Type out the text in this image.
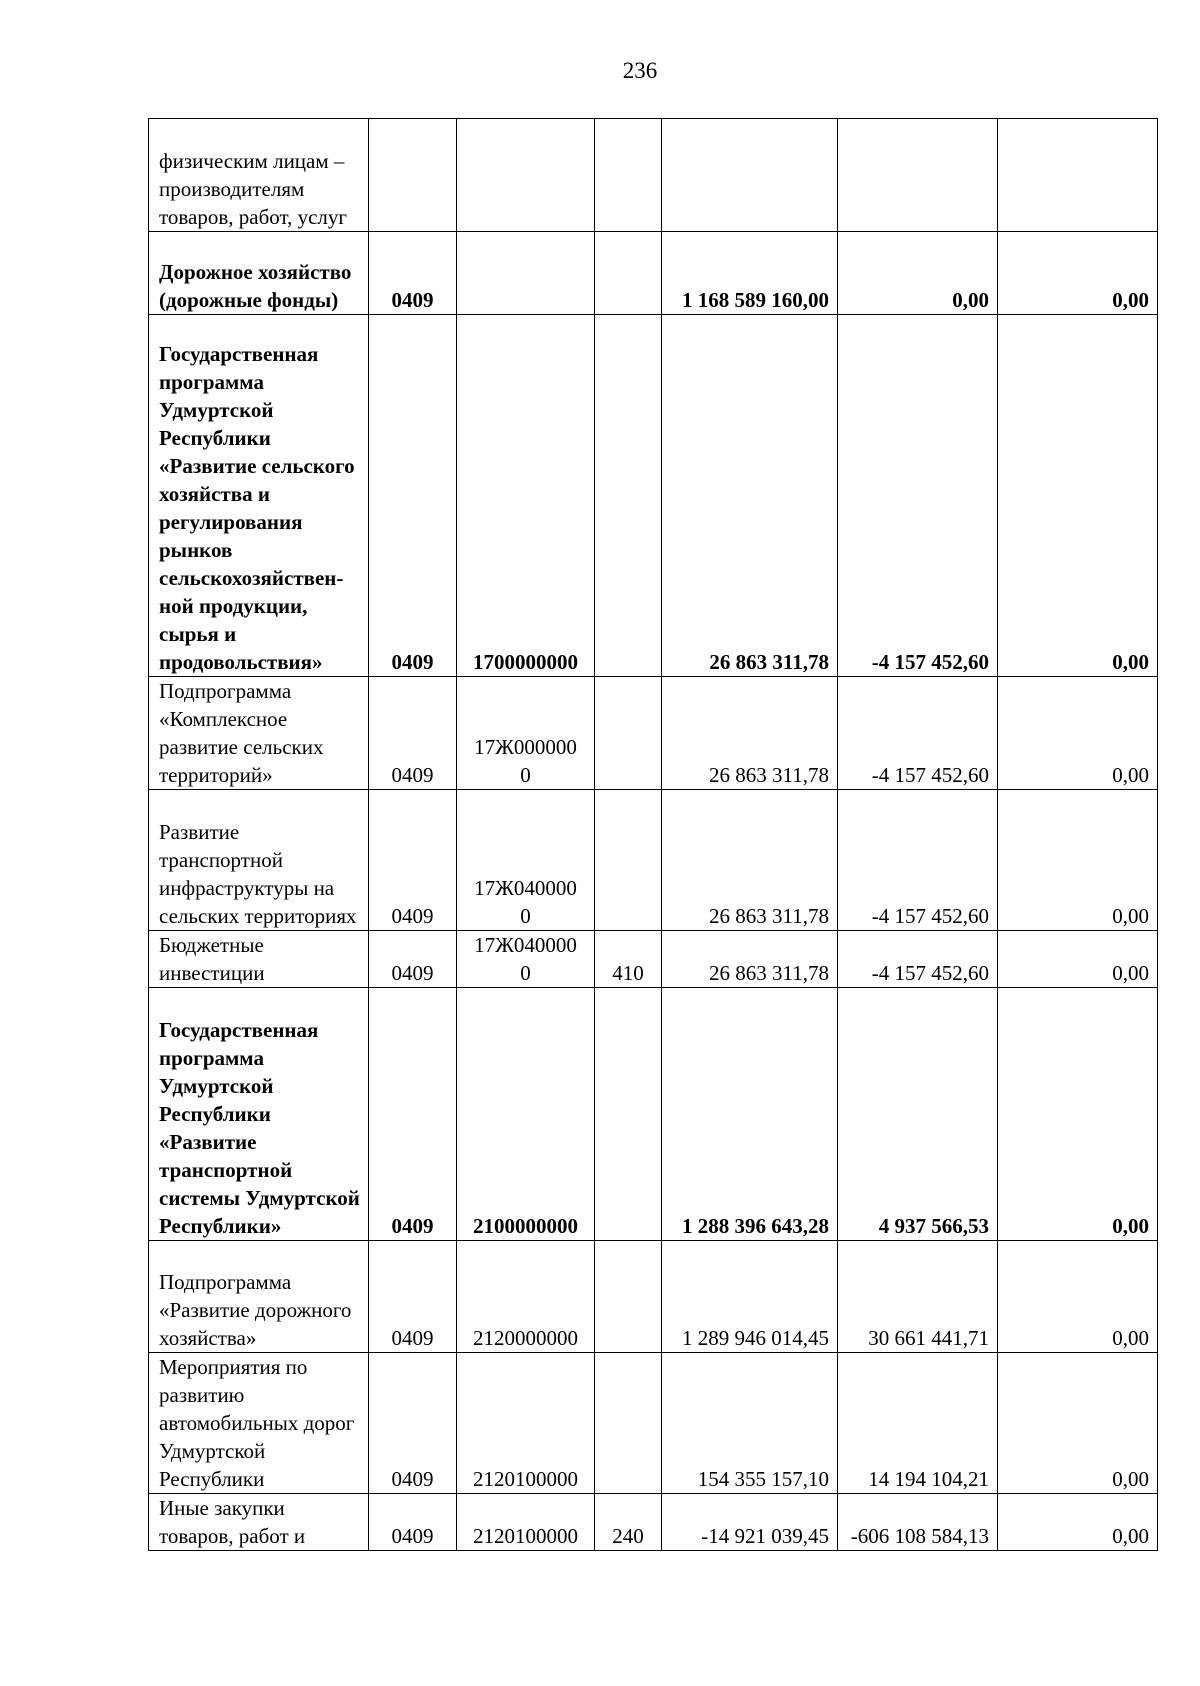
236
физическим лицам – производителям товаров, работ, услуг						
Дорожное хозяйство (дорожные фонды)	0409			1 168 589 160,00	0,00	0,00
Государственная программа Удмуртской Республики «Развитие сельского хозяйства и регулирования рынков сельскохозяйствен-ной продукции, сырья и продовольствия»	0409	1700000000		26 863 311,78	-4 157 452,60	0,00
Подпрограмма «Комплексное развитие сельских территорий»	0409	17Ж0000000		26 863 311,78	-4 157 452,60	0,00
Развитие транспортной инфраструктуры на сельских территориях	0409	17Ж0400000		26 863 311,78	-4 157 452,60	0,00
Бюджетные инвестиции	0409	17Ж0400000	410	26 863 311,78	-4 157 452,60	0,00
Государственная программа Удмуртской Республики «Развитие транспортной системы Удмуртской Республики»	0409	2100000000		1 288 396 643,28	4 937 566,53	0,00
Подпрограмма «Развитие дорожного хозяйства»	0409	2120000000		1 289 946 014,45	30 661 441,71	0,00
Мероприятия по развитию автомобильных дорог Удмуртской Республики	0409	2120100000		154 355 157,10	14 194 104,21	0,00
Иные закупки товаров, работ и	0409	2120100000	240	-14 921 039,45	-606 108 584,13	0,00
